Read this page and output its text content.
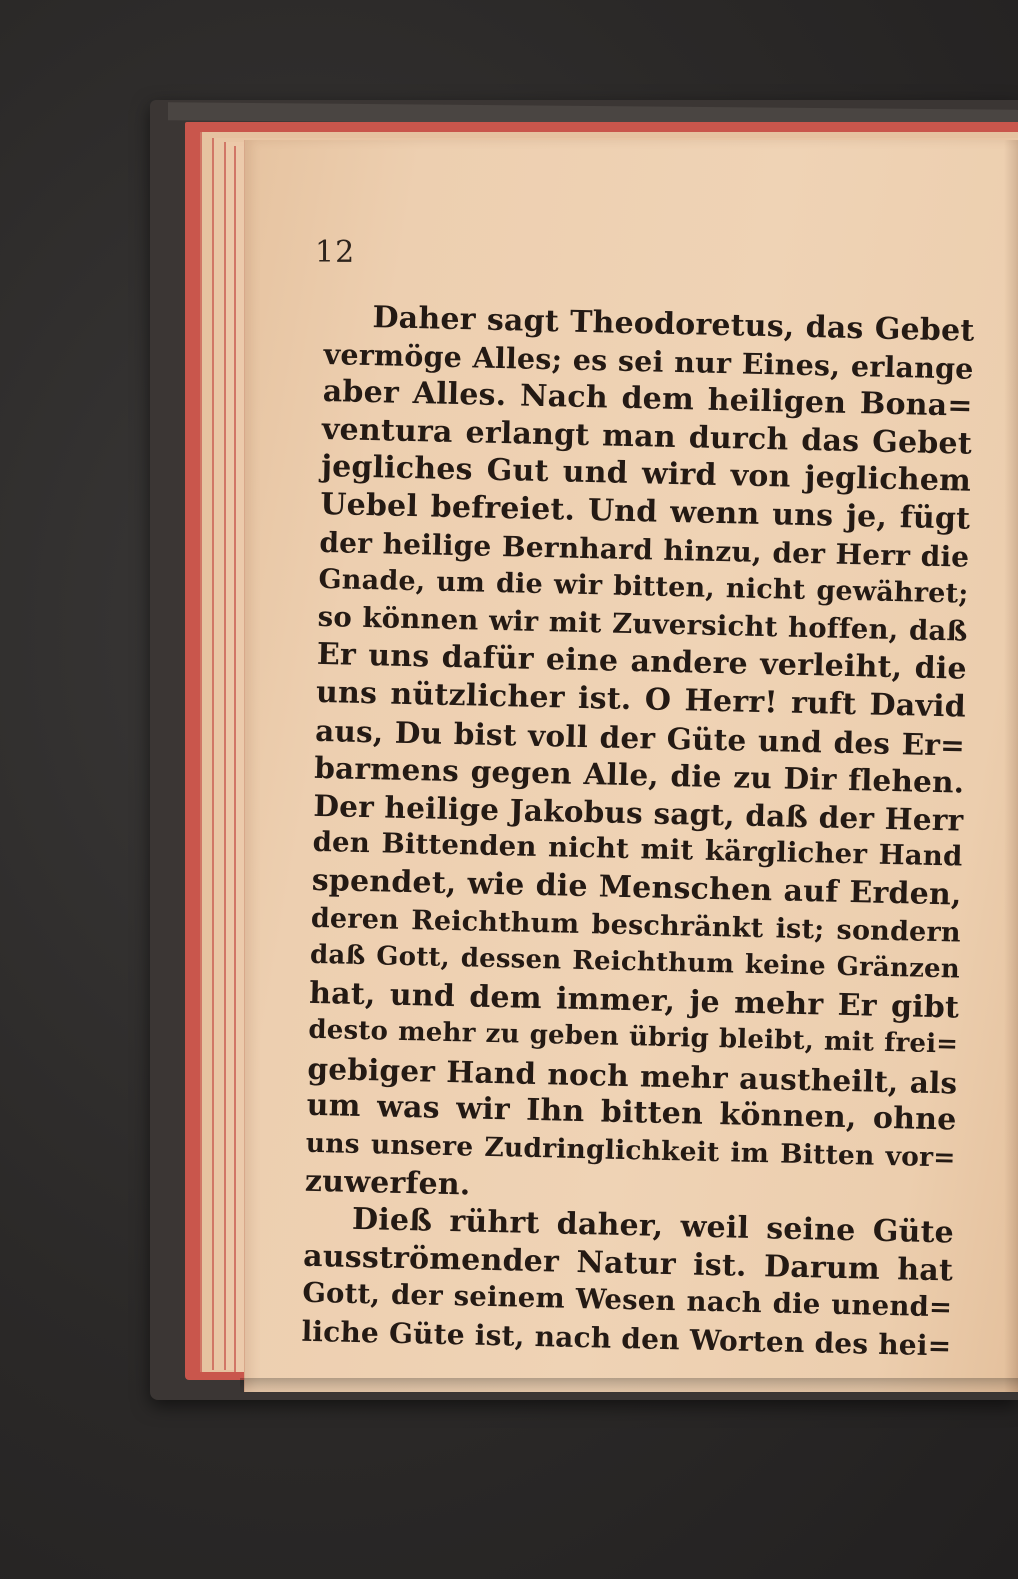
12
Daher sagt Theodoretus, das Gebet
vermöge Alles; es sei nur Eines, erlange
aber Alles. Nach dem heiligen Bona=
ventura erlangt man durch das Gebet
jegliches Gut und wird von jeglichem
Uebel befreiet. Und wenn uns je, fügt
der heilige Bernhard hinzu, der Herr die
Gnade, um die wir bitten, nicht gewähret;
so können wir mit Zuversicht hoffen, daß
Er uns dafür eine andere verleiht, die
uns nützlicher ist. O Herr! ruft David
aus, Du bist voll der Güte und des Er=
barmens gegen Alle, die zu Dir flehen.
Der heilige Jakobus sagt, daß der Herr
den Bittenden nicht mit kärglicher Hand
spendet, wie die Menschen auf Erden,
deren Reichthum beschränkt ist; sondern
daß Gott, dessen Reichthum keine Gränzen
hat, und dem immer, je mehr Er gibt
desto mehr zu geben übrig bleibt, mit frei=
gebiger Hand noch mehr austheilt, als
um was wir Ihn bitten können, ohne
uns unsere Zudringlichkeit im Bitten vor=
zuwerfen.
Dieß rührt daher, weil seine Güte
ausströmender Natur ist. Darum hat
Gott, der seinem Wesen nach die unend=
liche Güte ist, nach den Worten des hei=
